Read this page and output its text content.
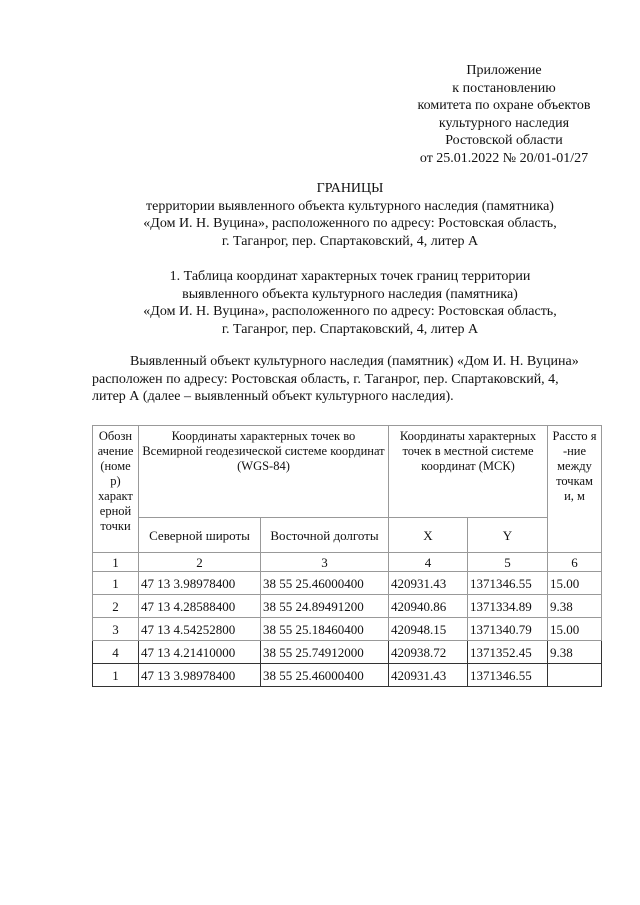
Приложение
к постановлению
комитета по охране объектов
культурного наследия
Ростовской области
от 25.01.2022 № 20/01-01/27
ГРАНИЦЫ
территории выявленного объекта культурного наследия (памятника)
«Дом И. Н. Вуцина», расположенного по адресу: Ростовская область,
г. Таганрог, пер. Спартаковский, 4, литер А
1. Таблица координат характерных точек границ территории
выявленного объекта культурного наследия (памятника)
«Дом И. Н. Вуцина», расположенного по адресу: Ростовская область,
г. Таганрог, пер. Спартаковский, 4, литер А
Выявленный объект культурного наследия (памятник) «Дом И. Н. Вуцина»
расположен по адресу: Ростовская область, г. Таганрог, пер. Спартаковский, 4,
литер А (далее – выявленный объект культурного наследия).
Обозн ачение (номе р) характ ерной точки	Координаты характерных точек во Всемирной геодезической системе координат (WGS-84)		Координаты характерных точек в местной системе координат (МСК)		Рассто я -ние между точкам и, м
	Северной широты	Восточной долготы	X	Y	
1	2	3	4	5	6
1	47 13 3.98978400	38 55 25.46000400	420931.43	1371346.55	15.00
2	47 13 4.28588400	38 55 24.89491200	420940.86	1371334.89	9.38
3	47 13 4.54252800	38 55 25.18460400	420948.15	1371340.79	15.00
4	47 13 4.21410000	38 55 25.74912000	420938.72	1371352.45	9.38
1	47 13 3.98978400	38 55 25.46000400	420931.43	1371346.55	
